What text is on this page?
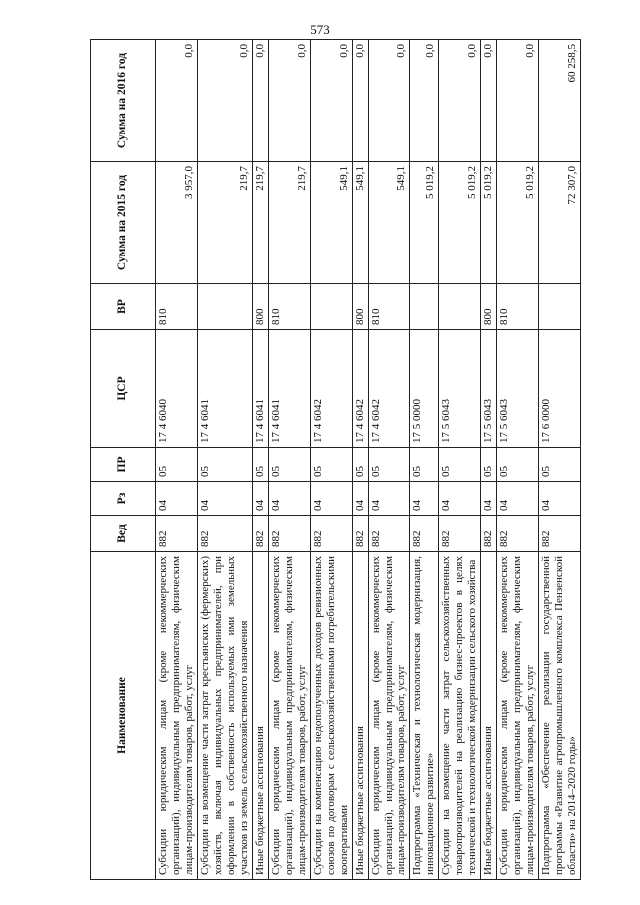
573
Наименование	Вед	Рз	ПР	ЦСР	ВР	Сумма на 2015 год	Сумма на 2016 год
Субсидии юридическим лицам (кроме некоммерческих организаций), индивидуальным предпринимателям, физическим лицам-производителям товаров, работ, услуг	882	04	05	17 4 6040	810	3 957,0	0,0
Субсидии на возмещение части затрат крестьянских (фермерских) хозяйств, включая индивидуальных предпринимателей, при оформлении в собственность используемых ими земельных участков из земель сельскохозяйственного назначения	882	04	05	17 4 6041		219,7	0,0
Иные бюджетные ассигнования	882	04	05	17 4 6041	800	219,7	0,0
Субсидии юридическим лицам (кроме некоммерческих организаций), индивидуальным предпринимателям, физическим лицам-производителям товаров, работ, услуг	882	04	05	17 4 6041	810	219,7	0,0
Субсидии на компенсацию недополученных доходов ревизионных союзов по договорам с сельскохозяйственными потребительскими кооперативами	882	04	05	17 4 6042		549,1	0,0
Иные бюджетные ассигнования	882	04	05	17 4 6042	800	549,1	0,0
Субсидии юридическим лицам (кроме некоммерческих организаций), индивидуальным предпринимателям, физическим лицам-производителям товаров, работ, услуг	882	04	05	17 4 6042	810	549,1	0,0
Подпрограмма «Техническая и технологическая модернизация, инновационное развитие»	882	04	05	17 5 0000		5 019,2	0,0
Субсидии на возмещение части затрат сельскохозяйственных товаропроизводителей на реализацию бизнес-проектов в целях технической и технологической модернизации сельского хозяйства	882	04	05	17 5 6043		5 019,2	0,0
Иные бюджетные ассигнования	882	04	05	17 5 6043	800	5 019,2	0,0
Субсидии юридическим лицам (кроме некоммерческих организаций), индивидуальным предпринимателям, физическим лицам-производителям товаров, работ, услуг	882	04	05	17 5 6043	810	5 019,2	0,0
Подпрограмма «Обеспечение реализации государственной программы «Развитие агропромышленного комплекса Пензенской области» на 2014–2020 годы»	882	04	05	17 6 0000		72 307,0	60 258,5
